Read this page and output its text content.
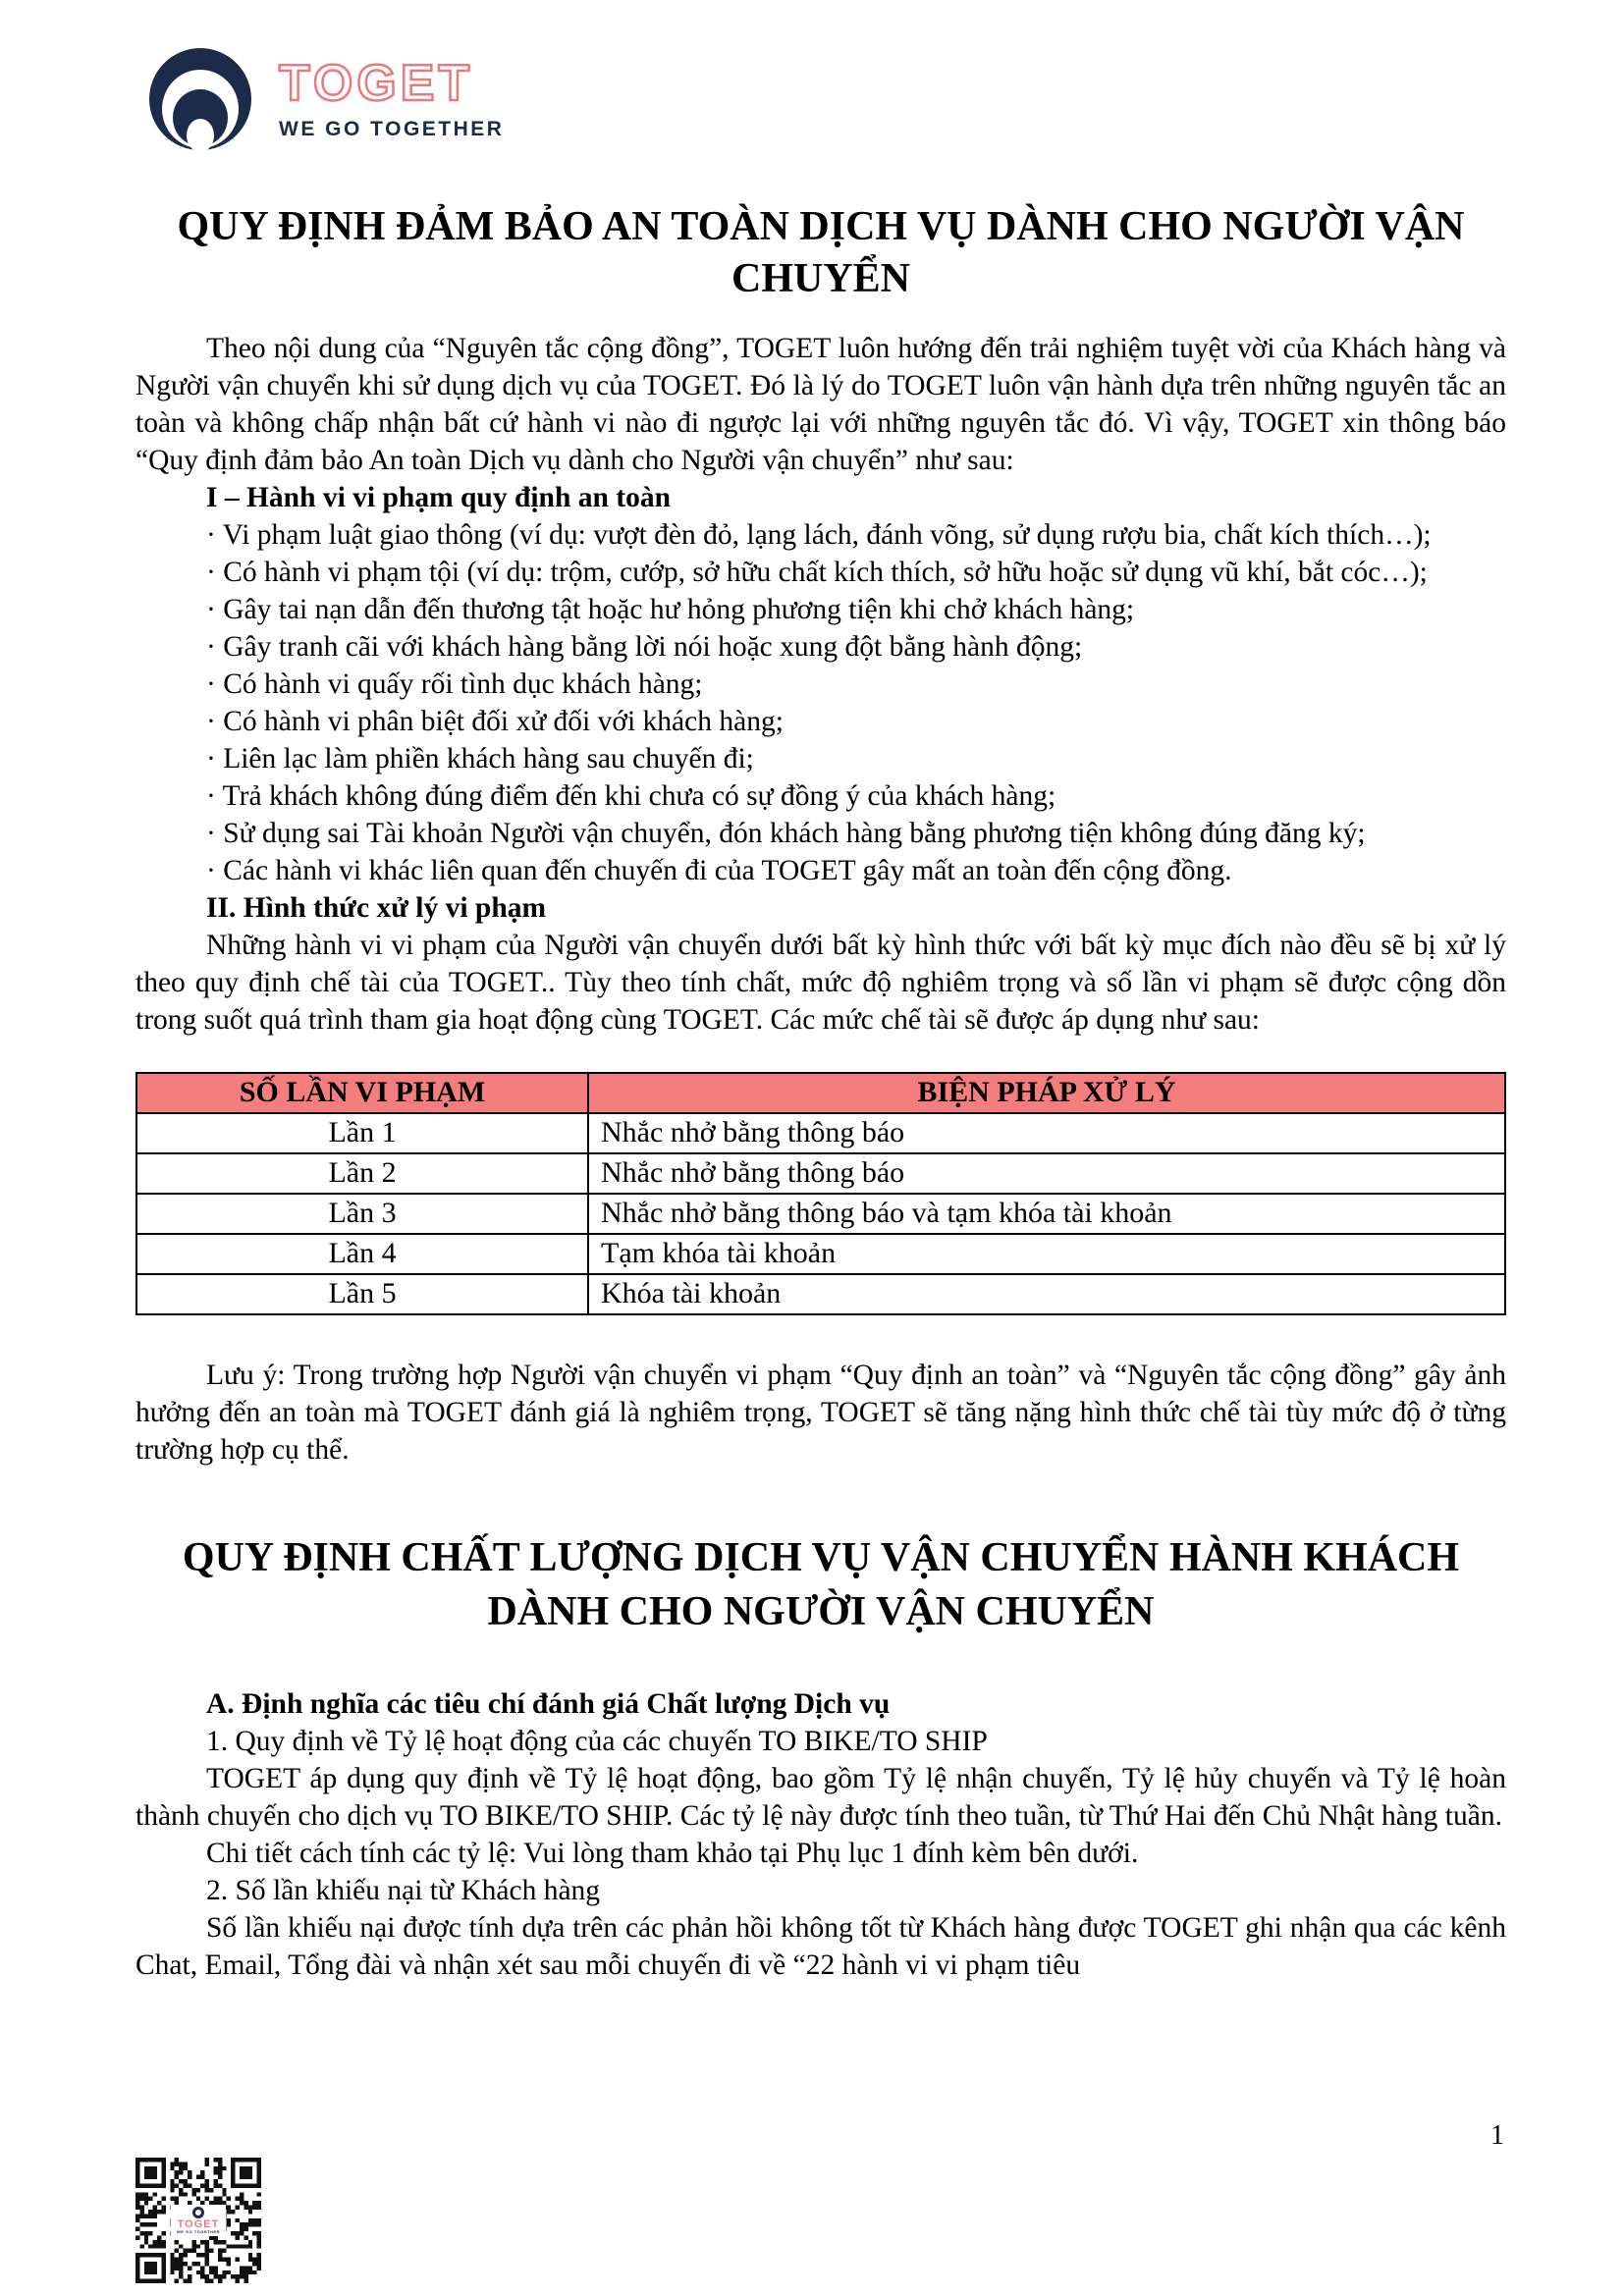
TOGET
WE GO TOGETHER
QUY ĐỊNH ĐẢM BẢO AN TOÀN DỊCH VỤ DÀNH CHO NGƯỜI VẬN CHUYỂN

Theo nội dung của “Nguyên tắc cộng đồng”, TOGET luôn hướng đến trải nghiệm tuyệt vời của Khách hàng và Người vận chuyển khi sử dụng dịch vụ của TOGET. Đó là lý do TOGET luôn vận hành dựa trên những nguyên tắc an toàn và không chấp nhận bất cứ hành vi nào đi ngược lại với những nguyên tắc đó. Vì vậy, TOGET xin thông báo “Quy định đảm bảo An toàn Dịch vụ dành cho Người vận chuyển” như sau:

I – Hành vi vi phạm quy định an toàn

· Vi phạm luật giao thông (ví dụ: vượt đèn đỏ, lạng lách, đánh võng, sử dụng rượu bia, chất kích thích…);

· Có hành vi phạm tội (ví dụ: trộm, cướp, sở hữu chất kích thích, sở hữu hoặc sử dụng vũ khí, bắt cóc…);

· Gây tai nạn dẫn đến thương tật hoặc hư hỏng phương tiện khi chở khách hàng;

· Gây tranh cãi với khách hàng bằng lời nói hoặc xung đột bằng hành động;

· Có hành vi quấy rối tình dục khách hàng;

· Có hành vi phân biệt đối xử đối với khách hàng;

· Liên lạc làm phiền khách hàng sau chuyến đi;

· Trả khách không đúng điểm đến khi chưa có sự đồng ý của khách hàng;

· Sử dụng sai Tài khoản Người vận chuyển, đón khách hàng bằng phương tiện không đúng đăng ký;

· Các hành vi khác liên quan đến chuyến đi của TOGET gây mất an toàn đến cộng đồng.

II. Hình thức xử lý vi phạm

Những hành vi vi phạm của Người vận chuyển dưới bất kỳ hình thức với bất kỳ mục đích nào đều sẽ bị xử lý theo quy định chế tài của TOGET.. Tùy theo tính chất, mức độ nghiêm trọng và số lần vi phạm sẽ được cộng dồn trong suốt quá trình tham gia hoạt động cùng TOGET. Các mức chế tài sẽ được áp dụng như sau:

SỐ LẦN VI PHẠM	BIỆN PHÁP XỬ LÝ
Lần 1	Nhắc nhở bằng thông báo
Lần 2	Nhắc nhở bằng thông báo
Lần 3	Nhắc nhở bằng thông báo và tạm khóa tài khoản
Lần 4	Tạm khóa tài khoản
Lần 5	Khóa tài khoản

Lưu ý: Trong trường hợp Người vận chuyển vi phạm “Quy định an toàn” và “Nguyên tắc cộng đồng” gây ảnh hưởng đến an toàn mà TOGET đánh giá là nghiêm trọng, TOGET sẽ tăng nặng hình thức chế tài tùy mức độ ở từng trường hợp cụ thể.

QUY ĐỊNH CHẤT LƯỢNG DỊCH VỤ VẬN CHUYỂN HÀNH KHÁCH DÀNH CHO NGƯỜI VẬN CHUYỂN

A. Định nghĩa các tiêu chí đánh giá Chất lượng Dịch vụ

1. Quy định về Tỷ lệ hoạt động của các chuyến TO BIKE/TO SHIP

TOGET áp dụng quy định về Tỷ lệ hoạt động, bao gồm Tỷ lệ nhận chuyến, Tỷ lệ hủy chuyến và Tỷ lệ hoàn thành chuyến cho dịch vụ TO BIKE/TO SHIP. Các tỷ lệ này được tính theo tuần, từ Thứ Hai đến Chủ Nhật hàng tuần.

Chi tiết cách tính các tỷ lệ: Vui lòng tham khảo tại Phụ lục 1 đính kèm bên dưới.

2. Số lần khiếu nại từ Khách hàng

Số lần khiếu nại được tính dựa trên các phản hồi không tốt từ Khách hàng được TOGET ghi nhận qua các kênh Chat, Email, Tổng đài và nhận xét sau mỗi chuyến đi về “22 hành vi vi phạm tiêu

1
TOGET
WE GO TOGETHER
